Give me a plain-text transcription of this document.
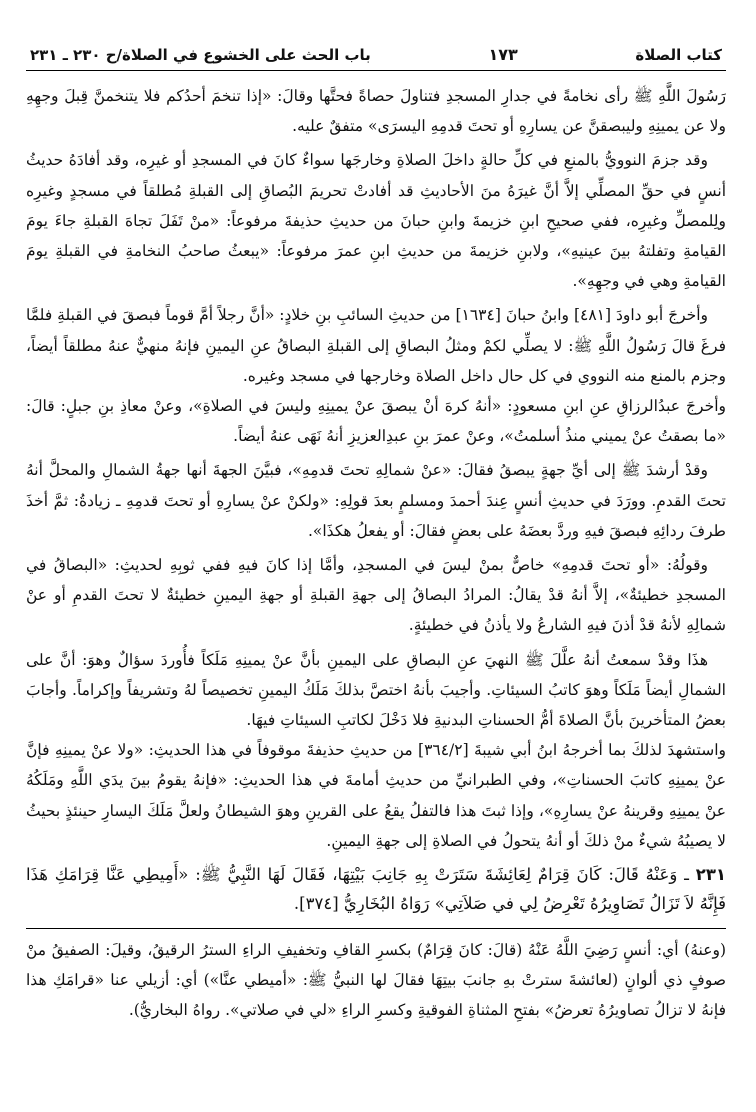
كتاب الصلاة
١٧٣
باب الحث على الخشوع في الصلاة/ح ٢٣٠ ـ ٢٣١

رَسُولَ اللَّهِ ﷺ رأى نخامةً في جدارِ المسجدِ فتناولَ حصاةً فحتَّها وقالَ: «إذا تنخمَ أحدُكم فلا يتنخمنَّ قِبلَ وجهِهِ ولا عن يمينِهِ وليبصقنَّ عن يسارِهِ أو تحتَ قدمِهِ اليسرَى» متفقٌ عليه.

وقد جزمَ النوويُّ بالمنعِ في كلِّ حالةٍ داخلَ الصلاةِ وخارجَها سواءٌ كانَ في المسجدِ أو غيرِه، وقد أفادَهُ حديثُ أنسٍ في حقِّ المصلِّي إلاَّ أنَّ غيرَهُ منَ الأحاديثِ قد أفادتْ تحريمَ البُصاقِ إلى القبلةِ مُطلقاً في مسجدٍ وغيرِه ولِلمصلِّ وغيرِه، ففي صحيحِ ابنِ خزيمةَ وابنِ حبانَ من حديثِ حذيفةَ مرفوعاً: «منْ تَفَلَ تجاهَ القبلةِ جاءَ يومَ القيامةِ وتفلتهُ بينَ عينيهِ»، ولابنِ خزيمةَ من حديثِ ابنِ عمرَ مرفوعاً: «يبعثُ صاحبُ النخامةِ في القبلةِ يومَ القيامةِ وهي في وجهِهِ».

وأخرجَ أبو داودَ [٤٨١] وابنُ حبانَ [١٦٣٤] من حديثِ السائبِ بنِ خلادٍ: «أنَّ رجلاً أمَّ قوماً فبصقَ في القبلةِ فلمَّا فرغَ قالَ رَسُولُ اللَّهِ ﷺ: لا يصلِّي لكمْ ومثلُ البصاقِ إلى القبلةِ البصاقُ عنِ اليمينِ فإنهُ منهيٌّ عنهُ مطلقاً أيضاً، وجزم بالمنع منه النووي في كل حال داخل الصلاة وخارجها في مسجد وغيره.

وأخرجَ عبدُالرزاقِ عنِ ابنِ مسعودٍ: «أنهُ كرهَ أنْ يبصقَ عنْ يمينِهِ وليسَ في الصلاةِ»، وعنْ معاذِ بنِ جبلٍ: قالَ: «ما بصقتُ عنْ يميني منذُ أسلمتُ»، وعنْ عمرَ بنِ عبدِالعزيزِ أنهُ نَهَى عنهُ أيضاً.

وقدْ أرشدَ ﷺ إلى أيِّ جهةٍ يبصقُ فقالَ: «عنْ شمالِهِ تحتَ قدمِهِ»، فبيَّنَ الجهةَ أنها جهةُ الشمالِ والمحلَّ أنهُ تحتَ القدمِ. وورَدَ في حديثِ أنسٍ عِندَ أحمدَ ومسلمٍ بعدَ قولِهِ: «ولكنْ عنْ يسارِهِ أو تحتَ قدمِهِ ـ زيادةُ: ثمَّ أخذَ طرفَ ردائِهِ فبصقَ فيهِ وردَّ بعضَهُ على بعضٍ فقالَ: أو يفعلُ هكذَا».

وقولُهُ: «أو تحتَ قدمِهِ» خاصٌّ بمنْ ليسَ في المسجدِ، وأمَّا إذا كانَ فيهِ ففي ثوبِهِ لحديثِ: «البصاقُ في المسجدِ خطيئةٌ»، إلاَّ أنهُ قدْ يقالُ: المرادُ البصاقُ إلى جهةِ القبلةِ أو جهةِ اليمينِ خطيئةٌ لا تحتَ القدمِ أو عنْ شمالِهِ لأنهُ قدْ أذنَ فيهِ الشارعُ ولا يأذنُ في خطيئةٍ.

هذَا وقدْ سمعتُ أنهُ علَّلَ ﷺ النهيَ عنِ البصاقِ على اليمينِ بأنَّ عنْ يمينِهِ مَلَكاً فأُوردَ سؤالٌ وهوَ: أنَّ على الشمالِ أيضاً مَلَكاً وهوَ كاتبُ السيئاتِ. وأجيبَ بأنهُ اختصَّ بذلكَ مَلَكُ اليمينِ تخصيصاً لهُ وتشريفاً وإكراماً. وأجابَ بعضُ المتأخرينَ بأنَّ الصلاةَ أمُّ الحسناتِ البدنيةِ فلا دَخْلَ لكاتبِ السيئاتِ فيهَا.

واستشهدَ لذلكَ بما أخرجهُ ابنُ أبي شيبةَ [٣٦٤/٢] من حديثِ حذيفةَ موقوفاً في هذا الحديثِ: «ولا عنْ يمينِهِ فإنَّ عنْ يمينِهِ كاتبَ الحسناتِ»، وفي الطبرانيِّ من حديثِ أمامةَ في هذا الحديثِ: «فإنهُ يقومُ بينَ يدَي اللَّهِ ومَلَكُهُ عنْ يمينِهِ وقرينهُ عنْ يسارِهِ»، وإذا ثبتَ هذا فالتفلُ يقعُ على القرينِ وهوَ الشيطانُ ولعلَّ مَلَكَ اليسارِ حينئذٍ بحيثُ لا يصيبُهُ شيءٌ منْ ذلكَ أو أنهُ يتحولُ في الصلاةِ إلى جهةِ اليمينِ.

٢٣١ ـ وَعَنْهُ قَالَ: كَانَ قِرَامٌ لِعَائِشَةَ سَتَرَتْ بِهِ جَانِبَ بَيْتِهَا، فَقَالَ لَهَا النَّبِيُّ ﷺ: «أَمِيطِي عَنَّا قِرَامَكِ هَذَا فَإِنَّهُ لاَ تَزَالُ تَصَاوِيرُهُ تَعْرِضُ لِي في صَلاَتِي» رَوَاهُ البُخَارِيُّ [٣٧٤].

(وعنهُ) أي: أنسٍ رَضِيَ اللَّهُ عَنْهُ (قالَ: كانَ قِرَامٌ) بكسرِ القافِ وتخفيفِ الراءِ السترُ الرقيقُ، وقيلَ: الصفيقُ منْ صوفٍ ذي ألوانٍ (لعائشةَ سترتْ بهِ جانبَ بيتِهَا فقالَ لها النبيُّ ﷺ: «أميطي عنَّا») أي: أزيلي عنا «قرامَكِ هذا فإنهُ لا تزالُ تصاويرُهُ تعرضُ» بفتحِ المثناةِ الفوقيةِ وكسرِ الراءِ «لي في صلاتي». رواهُ البخاريُّ).
